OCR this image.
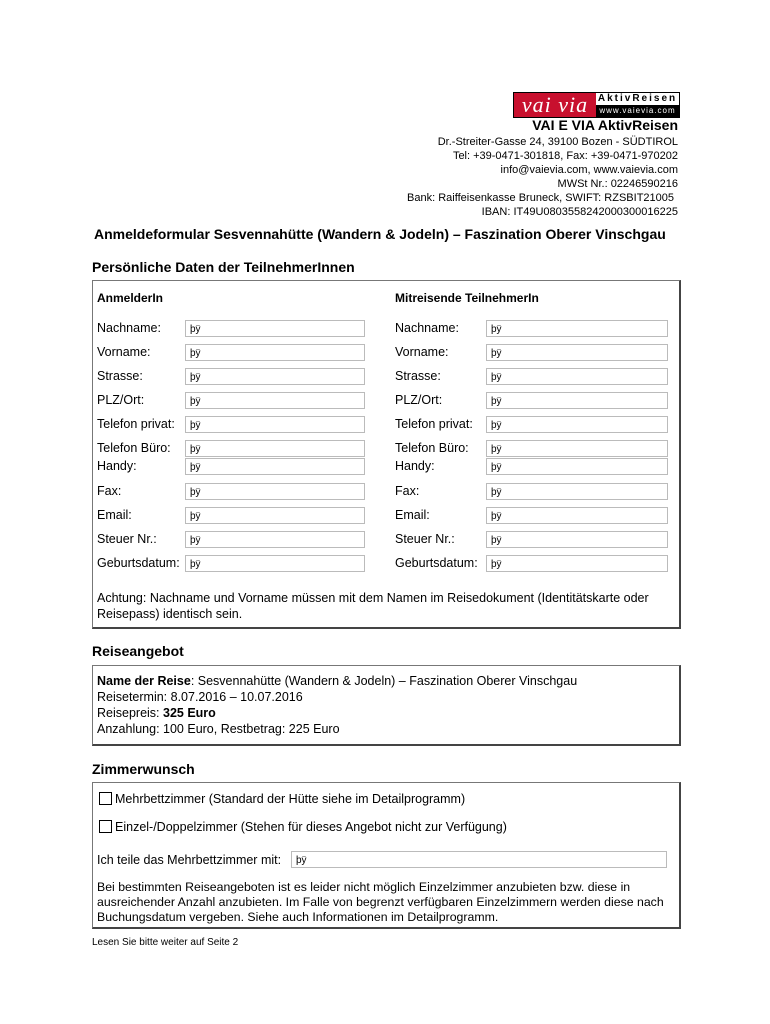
vai via AktivReisen
www.vaievia.com
VAI E VIA AktivReisen
Dr.-Streiter-Gasse 24, 39100 Bozen - SÜDTIROL
Tel: +39-0471-301818, Fax: +39-0471-970202
info@vaievia.com, www.vaievia.com
MWSt Nr.: 02246590216
Bank: Raiffeisenkasse Bruneck, SWIFT: RZSBIT21005
IBAN: IT49U0803558242000300016225
Anmeldeformular Sesvennahütte (Wandern & Jodeln) – Faszination Oberer Vinschgau
Persönliche Daten der TeilnehmerInnen
AnmelderIn	Mitreisende TeilnehmerIn
Nachname:
Vorname:
Strasse:
PLZ/Ort:
Telefon privat:
Telefon Büro:
Handy:
Fax:
Email:
Steuer Nr.:
Geburtsdatum:
þÿ
þÿ
þÿ
þÿ
þÿ
þÿ
þÿ
þÿ
þÿ
þÿ
þÿ
Nachname:
Vorname:
Strasse:
PLZ/Ort:
Telefon privat:
Telefon Büro:
Handy:
Fax:
Email:
Steuer Nr.:
Geburtsdatum:
þÿ
þÿ
þÿ
þÿ
þÿ
þÿ
þÿ
þÿ
þÿ
þÿ
þÿ
Achtung: Nachname und Vorname müssen mit dem Namen im Reisedokument (Identitätskarte oder Reisepass) identisch sein.
Reiseangebot
Name der Reise: Sesvennahütte (Wandern & Jodeln) – Faszination Oberer Vinschgau
Reisetermin: 8.07.2016 – 10.07.2016
Reisepreis: 325 Euro
Anzahlung: 100 Euro, Restbetrag: 225 Euro
Zimmerwunsch
Mehrbettzimmer (Standard der Hütte siehe im Detailprogramm)
Einzel-/Doppelzimmer (Stehen für dieses Angebot nicht zur Verfügung)
Ich teile das Mehrbettzimmer mit:	þÿ
Bei bestimmten Reiseangeboten ist es leider nicht möglich Einzelzimmer anzubieten bzw. diese in ausreichender Anzahl anzubieten. Im Falle von begrenzt verfügbaren Einzelzimmern werden diese nach Buchungsdatum vergeben. Siehe auch Informationen im Detailprogramm.
Lesen Sie bitte weiter auf Seite 2
